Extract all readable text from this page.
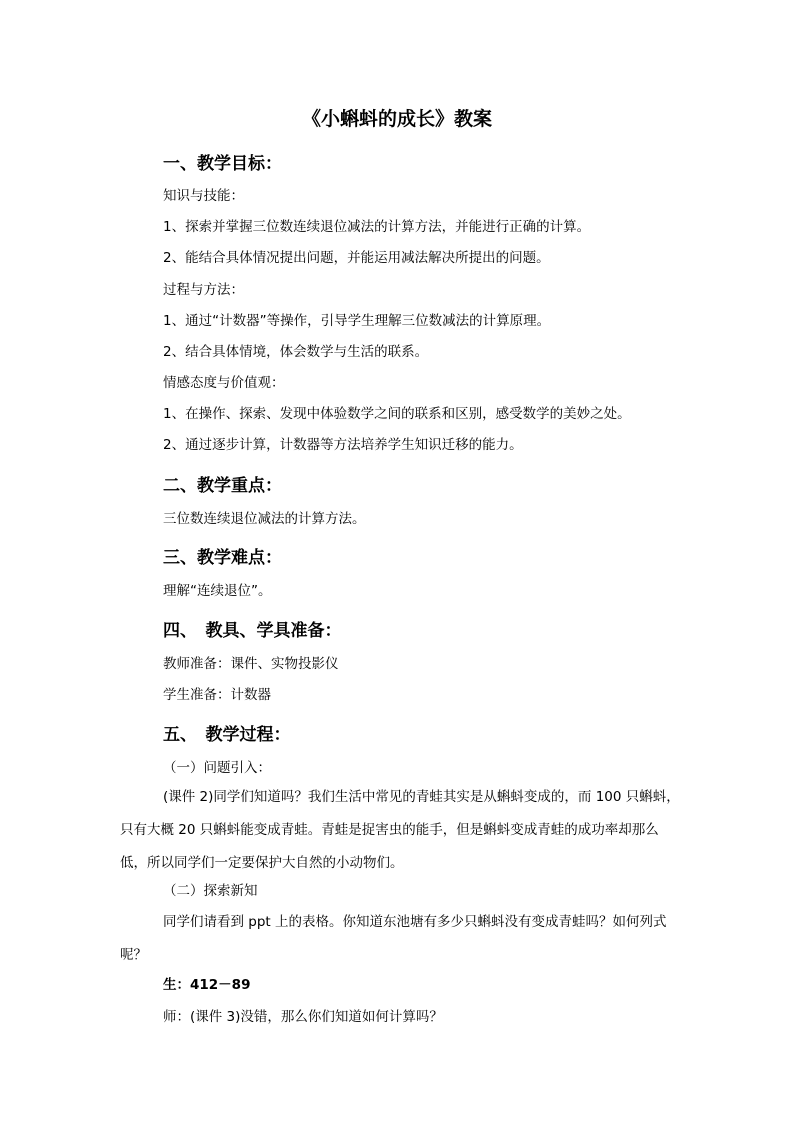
《小蝌蚪的成长》教案
一、教学目标：
知识与技能：
1、探索并掌握三位数连续退位减法的计算方法，并能进行正确的计算。
2、能结合具体情况提出问题，并能运用减法解决所提出的问题。
过程与方法：
1、通过“计数器”等操作，引导学生理解三位数减法的计算原理。
2、结合具体情境，体会数学与生活的联系。
情感态度与价值观：
1、在操作、探索、发现中体验数学之间的联系和区别，感受数学的美妙之处。
2、通过逐步计算，计数器等方法培养学生知识迁移的能力。
二、教学重点：
三位数连续退位减法的计算方法。
三、教学难点：
理解“连续退位”。
四、　教具、学具准备：
教师准备：课件、实物投影仪
学生准备：计数器
五、　教学过程：
（一）问题引入：
(课件 2)同学们知道吗？我们生活中常见的青蛙其实是从蝌蚪变成的，而 100 只蝌蚪，只有大概 20 只蝌蚪能变成青蛙。青蛙是捉害虫的能手，但是蝌蚪变成青蛙的成功率却那么低，所以同学们一定要保护大自然的小动物们。
（二）探索新知
同学们请看到 ppt 上的表格。你知道东池塘有多少只蝌蚪没有变成青蛙吗？如何列式呢？
生：412－89
师：(课件 3)没错，那么你们知道如何计算吗？
